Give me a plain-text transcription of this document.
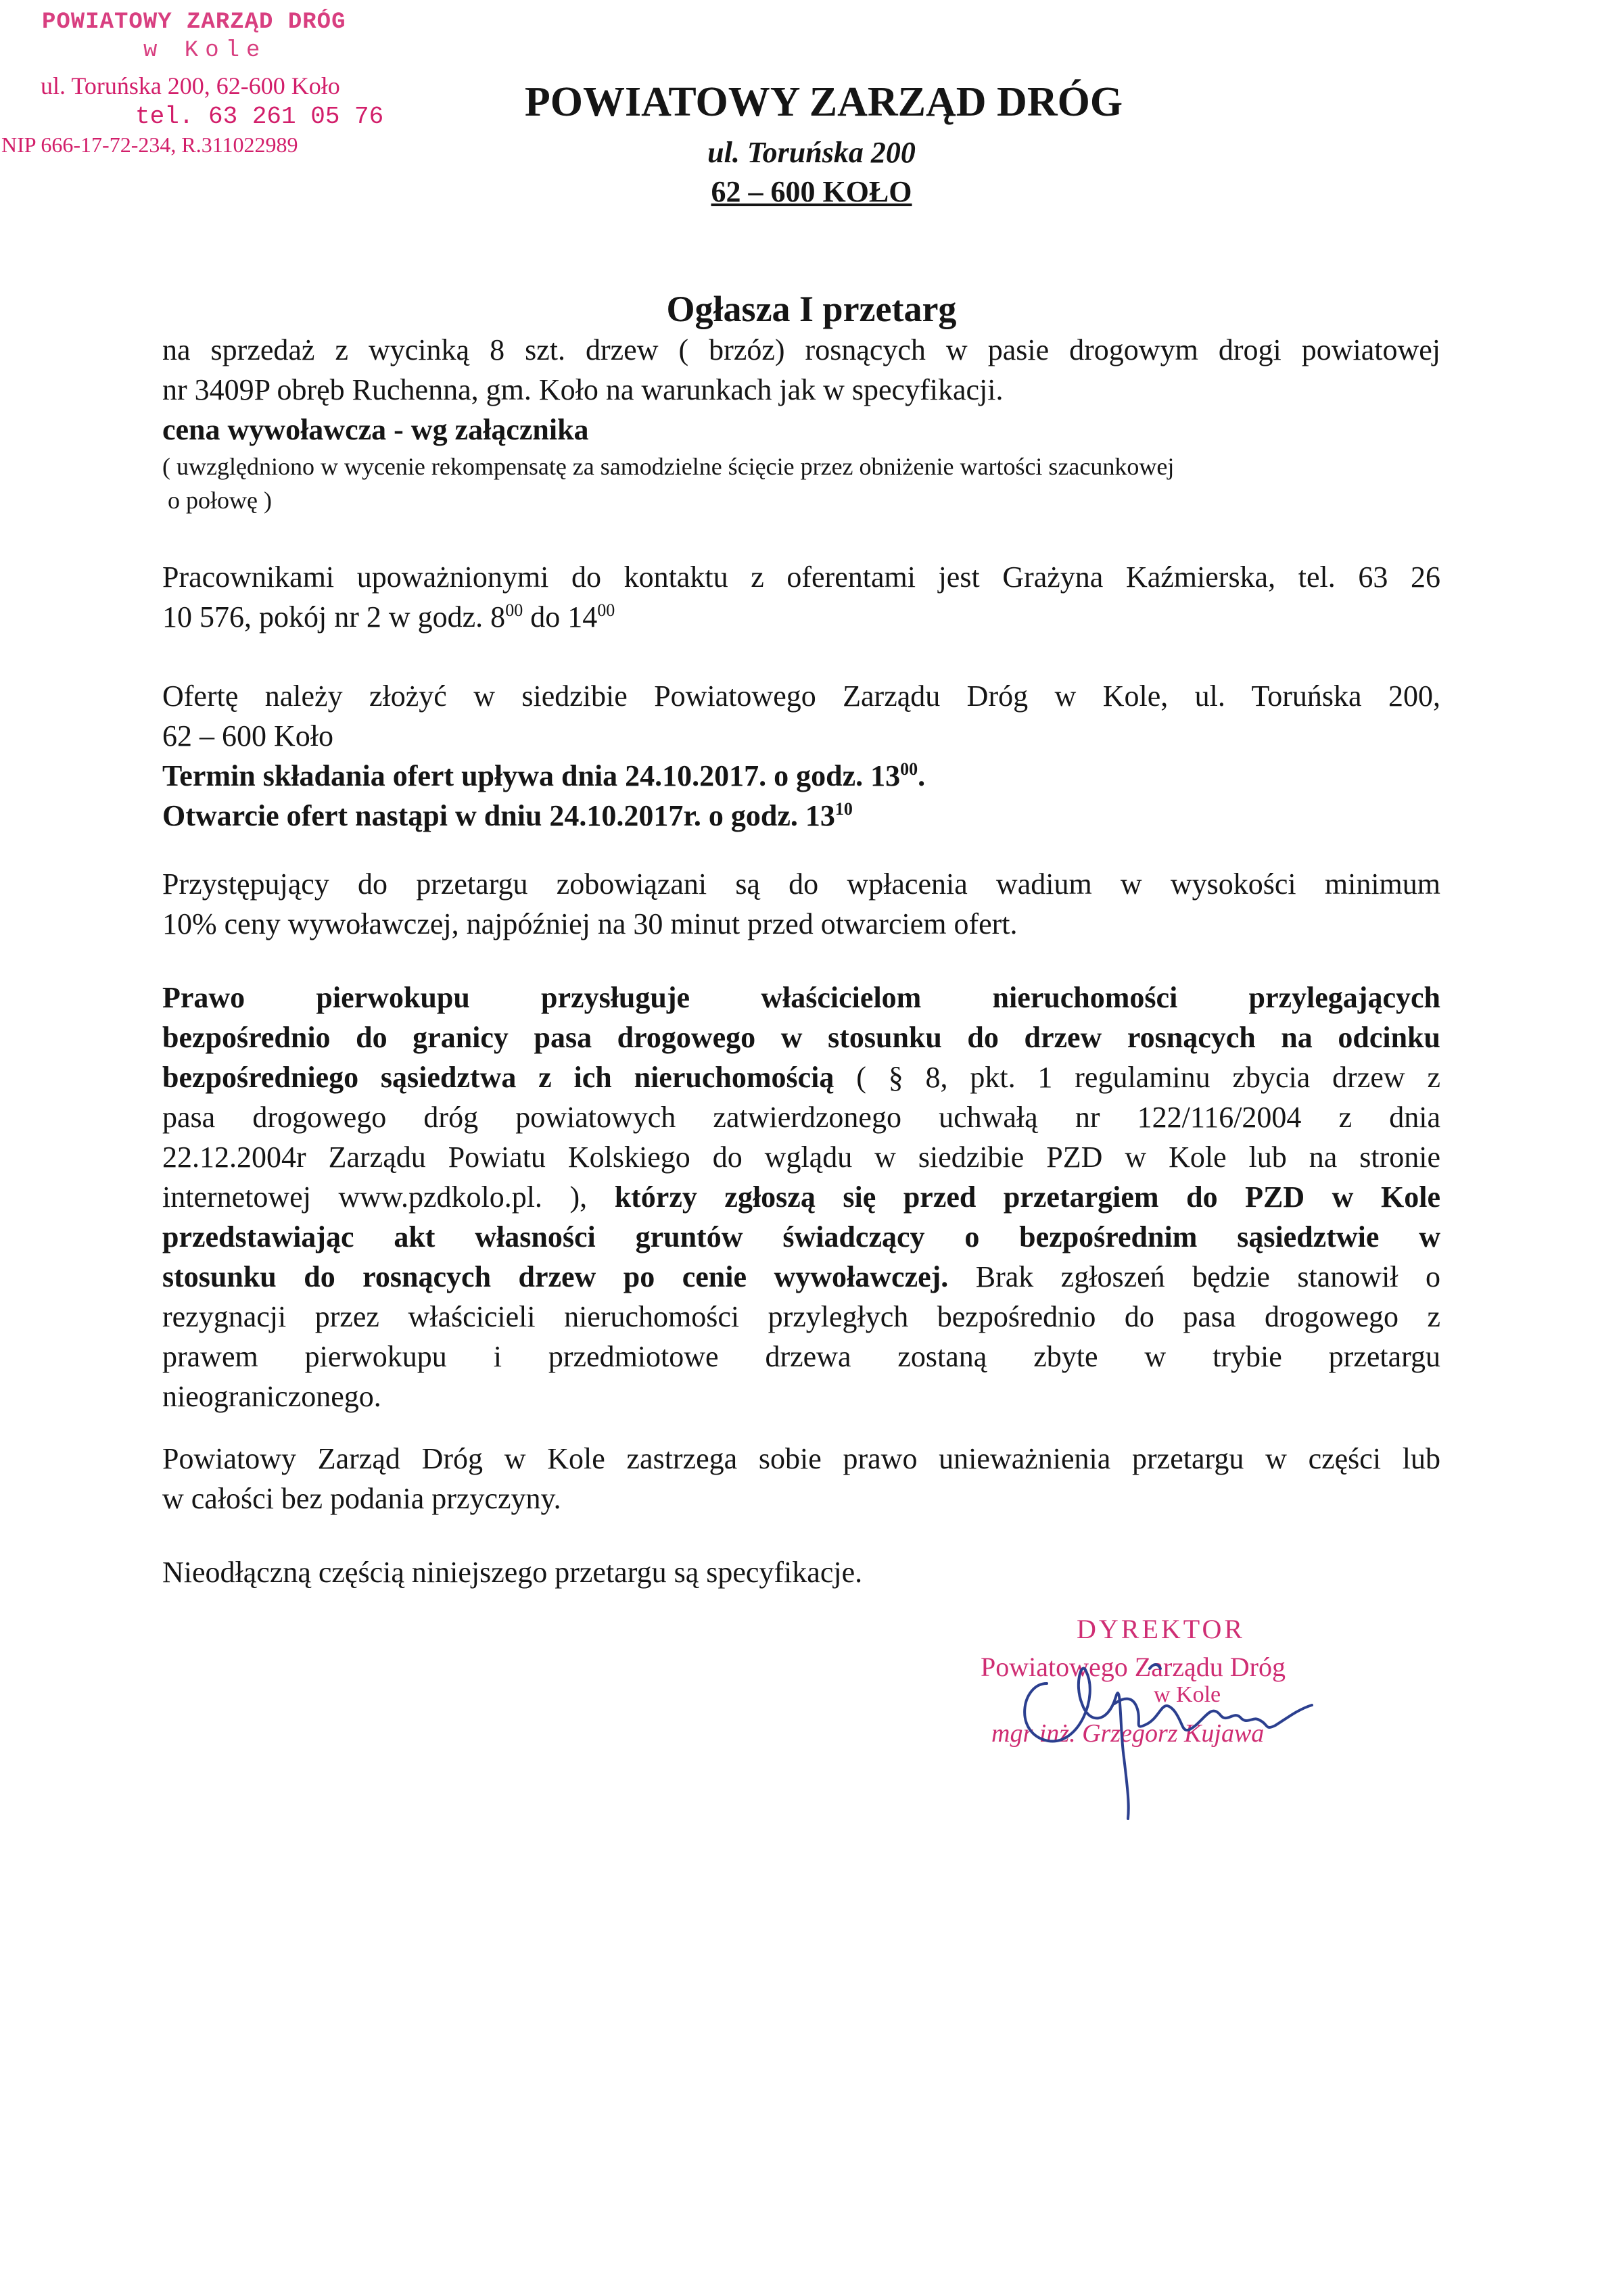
POWIATOWY ZARZĄD DRÓG
w Kole
ul. Toruńska 200, 62-600 Koło
tel. 63 261 05 76
NIP 666-17-72-234, R.311022989
POWIATOWY ZARZĄD DRÓG
ul. Toruńska 200
62 – 600 KOŁO
Ogłasza I przetarg
na sprzedaż z wycinką 8 szt. drzew ( brzóz) rosnących w pasie drogowym drogi powiatowej
nr 3409P obręb Ruchenna, gm. Koło na warunkach jak w specyfikacji.
cena wywoławcza - wg załącznika
( uwzględniono w wycenie rekompensatę za samodzielne ścięcie przez obniżenie wartości szacunkowej
o połowę )
Pracownikami upoważnionymi do kontaktu z oferentami jest Grażyna Kaźmierska, tel. 63 26
10 576, pokój nr 2 w godz. $8^{00}$ do $14^{00}$
Ofertę należy złożyć w siedzibie Powiatowego Zarządu Dróg w Kole, ul. Toruńska 200,
62 – 600 Koło
Termin składania ofert upływa dnia 24.10.2017. o godz. $13^{00}$.
Otwarcie ofert nastąpi w dniu 24.10.2017r. o godz. $13^{10}$
Przystępujący do przetargu zobowiązani są do wpłacenia wadium w wysokości minimum
10% ceny wywoławczej, najpóźniej na 30 minut przed otwarciem ofert.
Prawo pierwokupu przysługuje właścicielom nieruchomości przylegających
bezpośrednio do granicy pasa drogowego w stosunku do drzew rosnących na odcinku
bezpośredniego sąsiedztwa z ich nieruchomością ( § 8, pkt. 1 regulaminu zbycia drzew z
pasa drogowego dróg powiatowych zatwierdzonego uchwałą nr 122/116/2004 z dnia
22.12.2004r Zarządu Powiatu Kolskiego do wglądu w siedzibie PZD w Kole lub na stronie
internetowej www.pzdkolo.pl. ), którzy zgłoszą się przed przetargiem do PZD w Kole
przedstawiając akt własności gruntów świadczący o bezpośrednim sąsiedztwie w
stosunku do rosnących drzew po cenie wywoławczej. Brak zgłoszeń będzie stanowił o
rezygnacji przez właścicieli nieruchomości przyległych bezpośrednio do pasa drogowego z
prawem pierwokupu i przedmiotowe drzewa zostaną zbyte w trybie przetargu
nieograniczonego.
Powiatowy Zarząd Dróg w Kole zastrzega sobie prawo unieważnienia przetargu w części lub
w całości bez podania przyczyny.
Nieodłączną częścią niniejszego przetargu są specyfikacje.
DYREKTOR
Powiatowego Zarządu Dróg
w Kole
mgr inż. Grzegorz Kujawa
